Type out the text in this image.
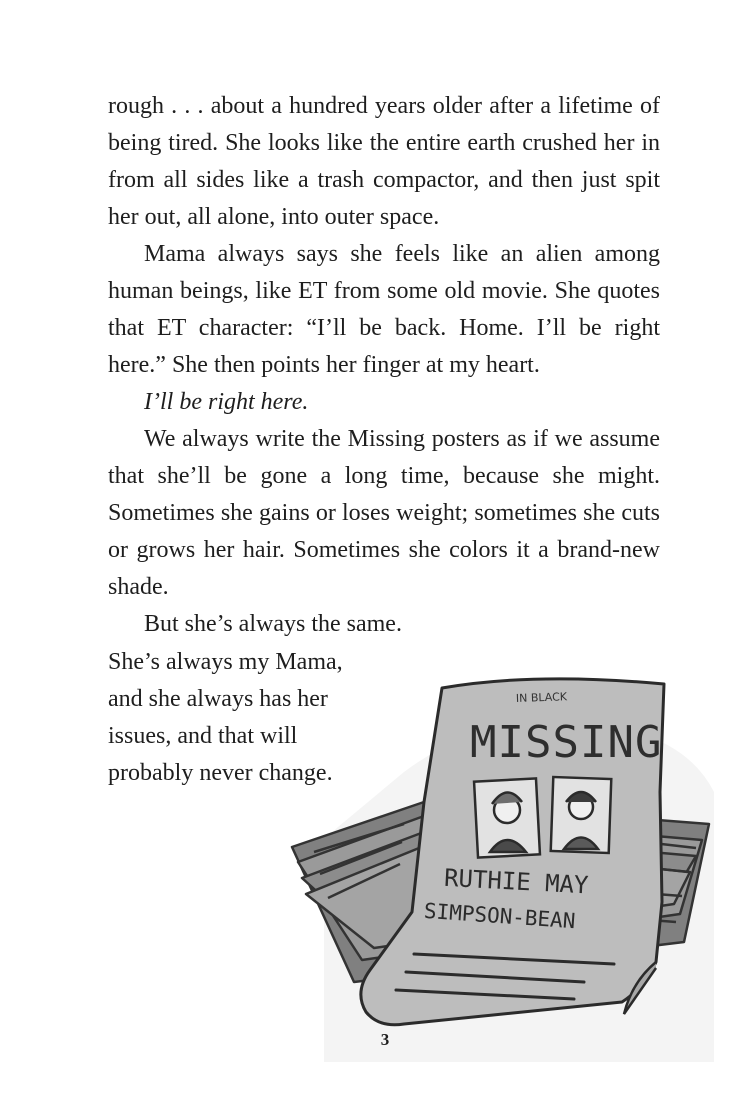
rough . . . about a hundred years older after a lifetime of being tired. She looks like the entire earth crushed her in from all sides like a trash compactor, and then just spit her out, all alone, into outer space.

Mama always says she feels like an alien among human beings, like ET from some old movie. She quotes that ET character: “I’ll be back. Home. I’ll be right here.” She then points her finger at my heart.

I’ll be right here.

We always write the Missing posters as if we assume that she’ll be gone a long time, because she might. Sometimes she gains or loses weight; sometimes she cuts or grows her hair. Sometimes she colors it a brand-new shade.

But she’s always the same.

She’s always my Mama,
and she always has her
issues, and that will
probably never change.
IN BLACK
MISSING
RUTHIE MAY
SIMPSON-BEAN
3
